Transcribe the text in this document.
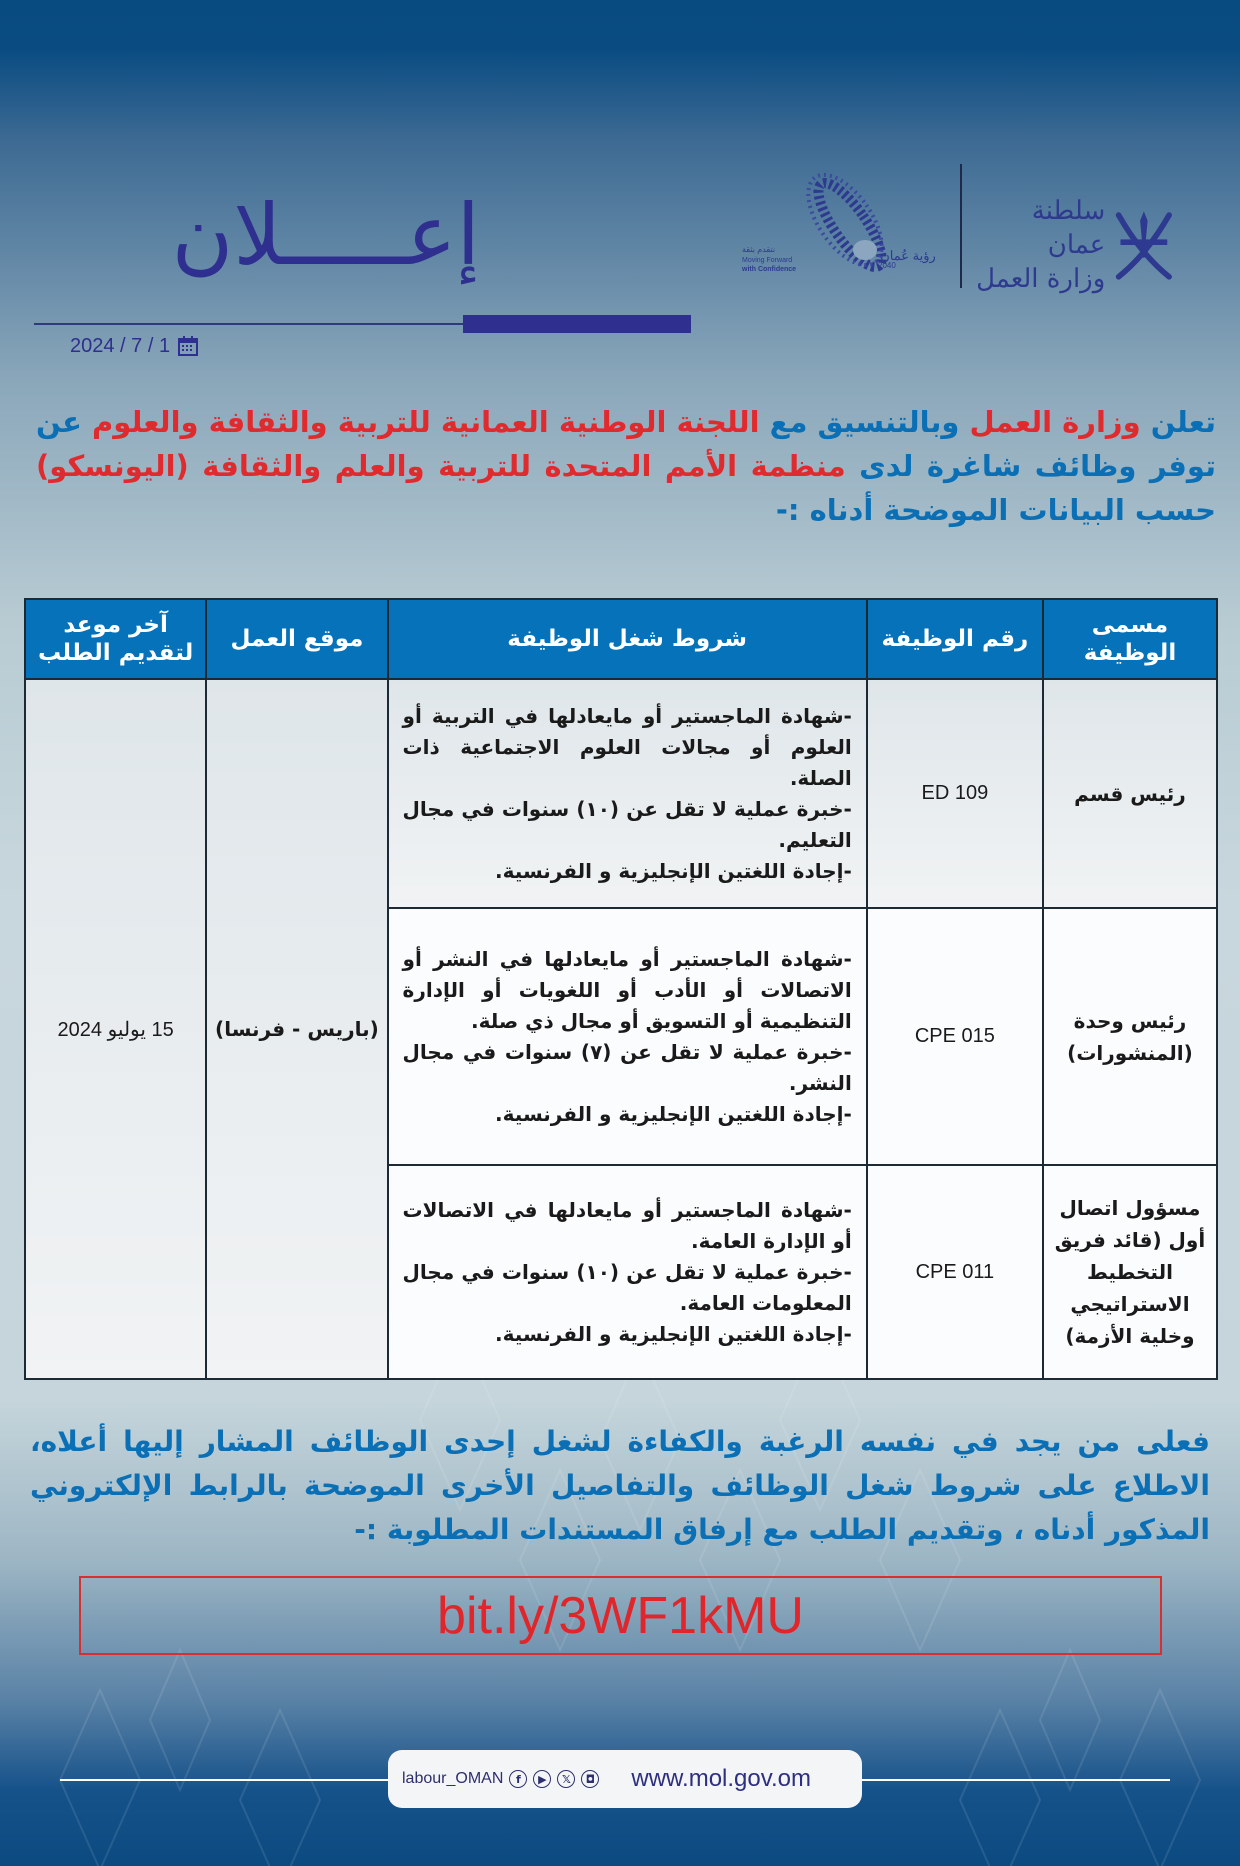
إعـــــلان
2024 / 7 / 1
نتقدم بثقة
Moving Forward
with Confidence
رؤية عُمان
2040
سلطنة عمان
وزارة العمل
تعلن وزارة العمل وبالتنسيق مع اللجنة الوطنية العمانية للتربية والثقافة والعلوم عن توفر وظائف شاغرة لدى منظمة الأمم المتحدة للتربية والعلم والثقافة (اليونسكو) حسب البيانات الموضحة أدناه :-
مسمى الوظيفة	رقم الوظيفة	شروط شغل الوظيفة	موقع العمل	آخر موعد لتقديم الطلب
رئيس قسم	ED 109	-شهادة الماجستير أو مايعادلها في التربية أو العلوم أو مجالات العلوم الاجتماعية ذات الصلة.
-خبرة عملية لا تقل عن (١٠) سنوات في مجال التعليم.
-إجادة اللغتين الإنجليزية و الفرنسية.	(باريس - فرنسا)	15 يوليو 2024
رئيس وحدة (المنشورات)	CPE 015	-شهادة الماجستير أو مايعادلها في النشر أو الاتصالات أو الأدب أو اللغويات أو الإدارة التنظيمية أو التسويق أو مجال ذي صلة.
-خبرة عملية لا تقل عن (٧) سنوات في مجال النشر.
-إجادة اللغتين الإنجليزية و الفرنسية.		

مسؤول اتصال أول (قائد فريق التخطيط الاستراتيجي وخلية الأزمة)	CPE 011	-شهادة الماجستير أو مايعادلها في الاتصالات أو الإدارة العامة.
-خبرة عملية لا تقل عن (١٠) سنوات في مجال المعلومات العامة.
-إجادة اللغتين الإنجليزية و الفرنسية.		
فعلى من يجد في نفسه الرغبة والكفاءة لشغل إحدى الوظائف المشار إليها أعلاه، الاطلاع على شروط شغل الوظائف والتفاصيل الأخرى الموضحة بالرابط الإلكتروني المذكور أدناه ، وتقديم الطلب مع إرفاق المستندات المطلوبة :-
bit.ly/3WF1kMU
labour_OMAN	f	▶	𝕏	◘ www.mol.gov.om
